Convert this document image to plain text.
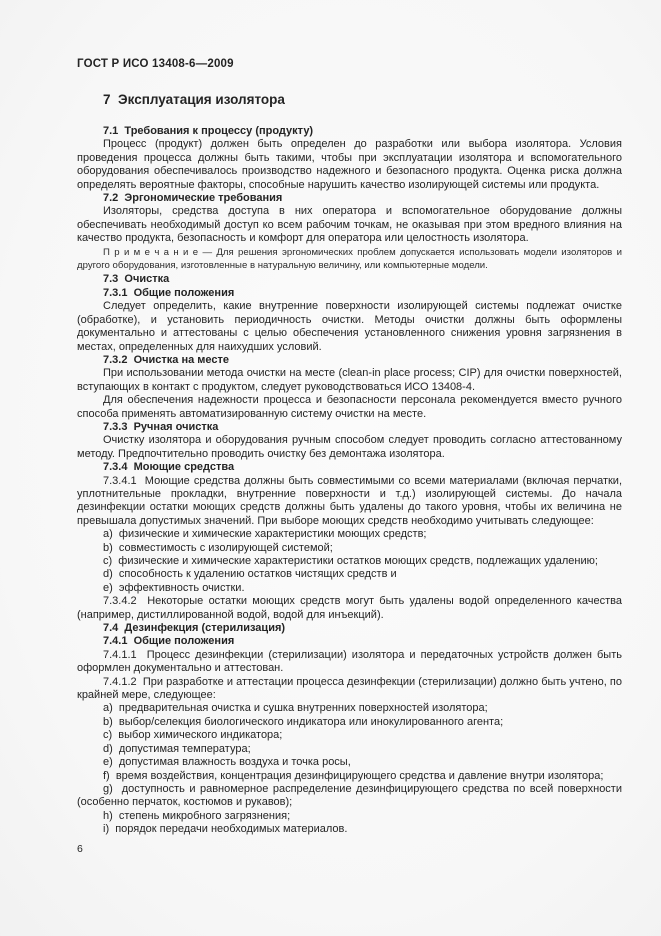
ГОСТ Р ИСО 13408-6—2009

7  Эксплуатация изолятора
7.1  Требования к процессу (продукту)

Процесс (продукт) должен быть определен до разработки или выбора изолятора. Условия проведения процесса должны быть такими, чтобы при эксплуатации изолятора и вспомогательного оборудования обеспечивалось производство надежного и безопасного продукта. Оценка риска должна определять вероятные факторы, способные нарушить качество изолирующей системы или продукта.

7.2  Эргономические требования

Изоляторы, средства доступа в них оператора и вспомогательное оборудование должны обеспечивать необходимый доступ ко всем рабочим точкам, не оказывая при этом вредного влияния на качество продукта, безопасность и комфорт для оператора или целостность изолятора.

П р и м е ч а н и е — Для решения эргономических проблем допускается использовать модели изоляторов и другого оборудования, изготовленные в натуральную величину, или компьютерные модели.

7.3  Очистка
7.3.1  Общие положения

Следует определить, какие внутренние поверхности изолирующей системы подлежат очистке (обработке), и установить периодичность очистки. Методы очистки должны быть оформлены документально и аттестованы с целью обеспечения установленного снижения уровня загрязнения в местах, определенных для наихудших условий.

7.3.2  Очистка на месте

При использовании метода очистки на месте (clean-in place process; CIP) для очистки поверхностей, вступающих в контакт с продуктом, следует руководствоваться ИСО 13408-4.

Для обеспечения надежности процесса и безопасности персонала рекомендуется вместо ручного способа применять автоматизированную систему очистки на месте.

7.3.3  Ручная очистка

Очистку изолятора и оборудования ручным способом следует проводить согласно аттестованному методу. Предпочтительно проводить очистку без демонтажа изолятора.

7.3.4  Моющие средства

7.3.4.1  Моющие средства должны быть совместимыми со всеми материалами (включая перчатки, уплотнительные прокладки, внутренние поверхности и т.д.) изолирующей системы. До начала дезинфекции остатки моющих средств должны быть удалены до такого уровня, чтобы их величина не превышала допустимых значений. При выборе моющих средств необходимо учитывать следующее:

a)  физические и химические характеристики моющих средств;

b)  совместимость с изолирующей системой;

c)  физические и химические характеристики остатков моющих средств, подлежащих удалению;

d)  способность к удалению остатков чистящих средств и

e)  эффективность очистки.

7.3.4.2  Некоторые остатки моющих средств могут быть удалены водой определенного качества (например, дистиллированной водой, водой для инъекций).

7.4  Дезинфекция (стерилизация)
7.4.1  Общие положения

7.4.1.1  Процесс дезинфекции (стерилизации) изолятора и передаточных устройств должен быть оформлен документально и аттестован.

7.4.1.2  При разработке и аттестации процесса дезинфекции (стерилизации) должно быть учтено, по крайней мере, следующее:

a)  предварительная очистка и сушка внутренних поверхностей изолятора;

b)  выбор/селекция биологического индикатора или инокулированного агента;

c)  выбор химического индикатора;

d)  допустимая температура;

e)  допустимая влажность воздуха и точка росы,

f)  время воздействия, концентрация дезинфицирующего средства и давление внутри изолятора;

g)  доступность и равномерное распределение дезинфицирующего средства по всей поверхности (особенно перчаток, костюмов и рукавов);

h)  степень микробного загрязнения;

i)  порядок передачи необходимых материалов.

6
